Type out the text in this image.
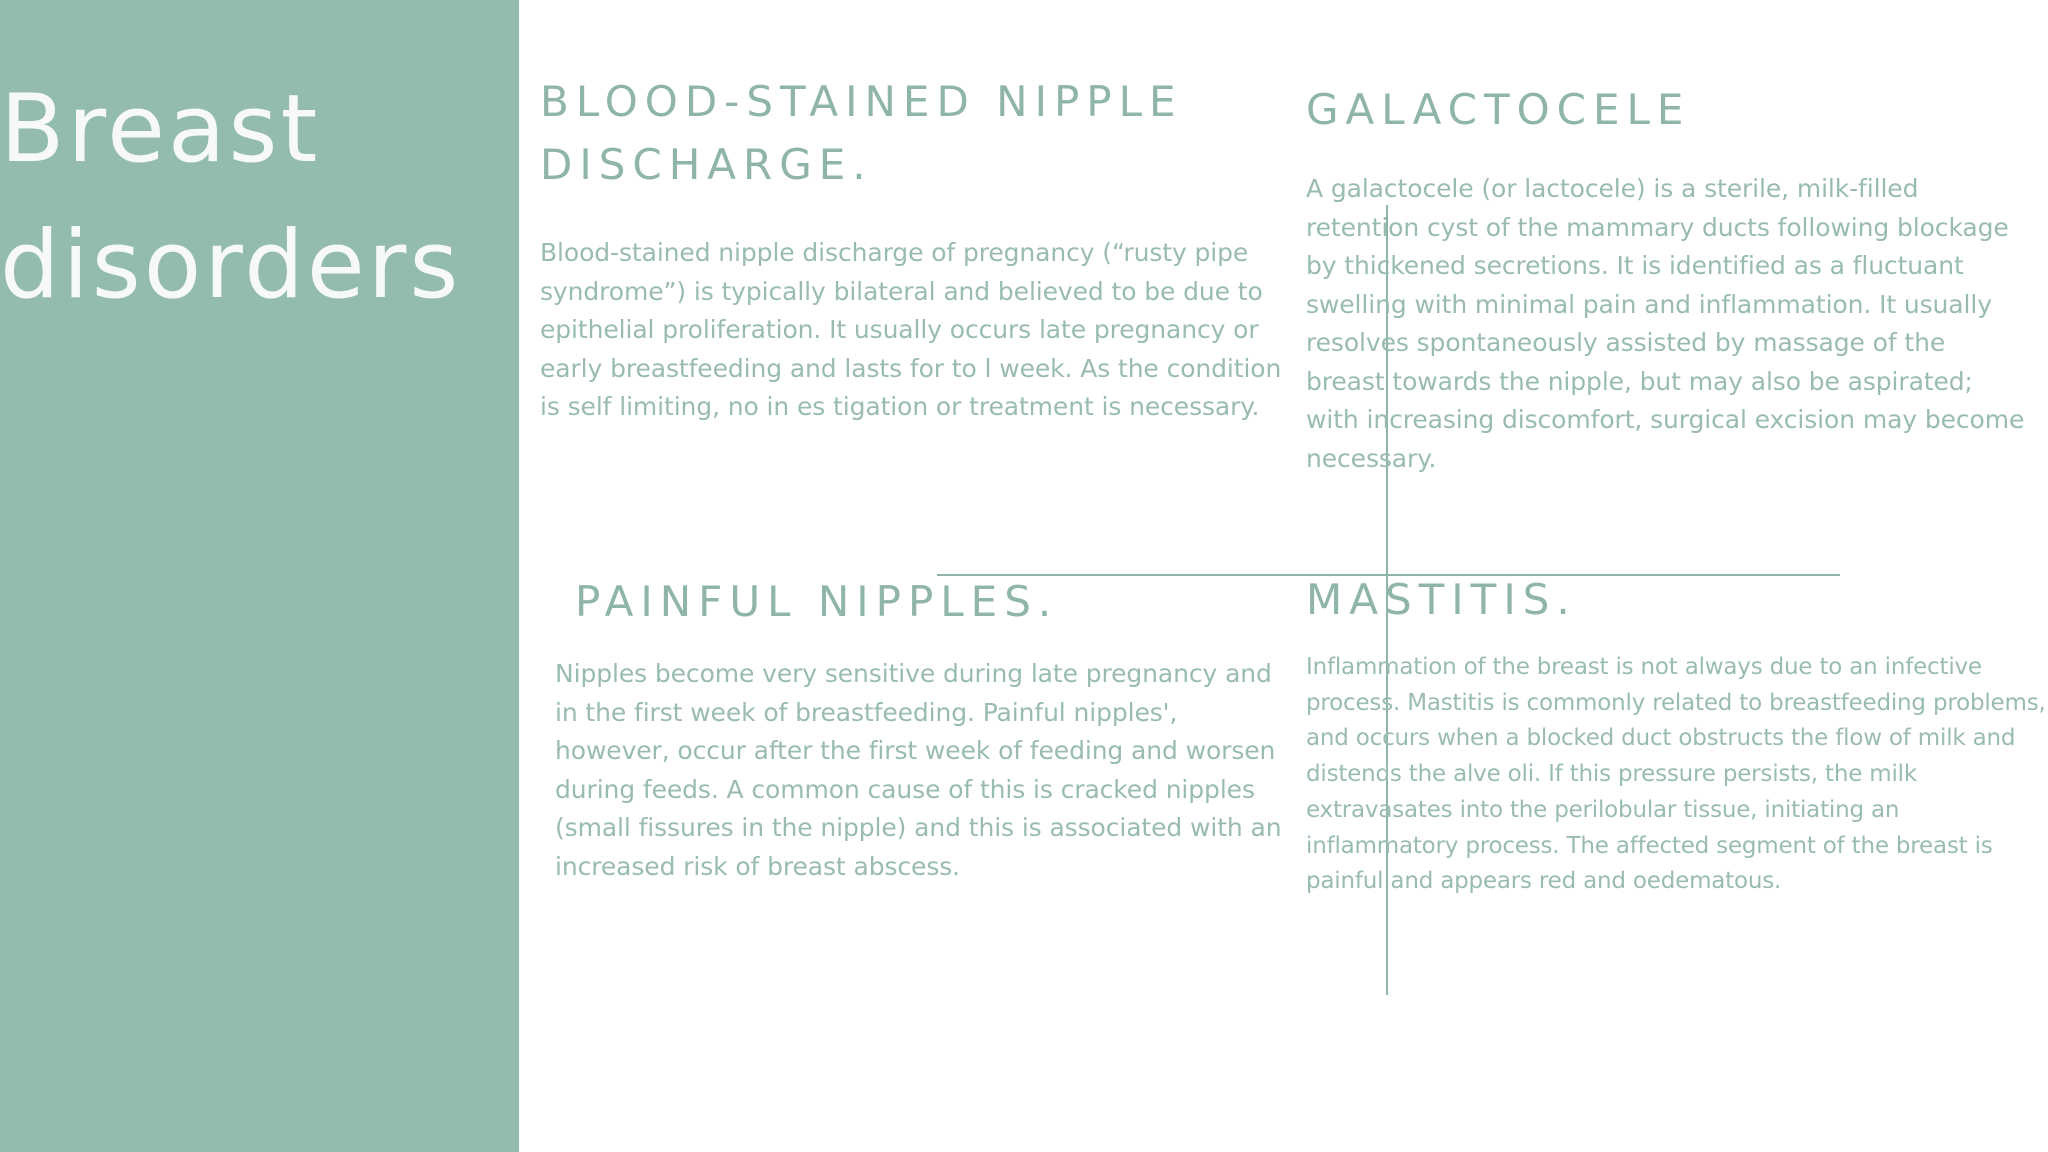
Breast
disorders
BLOOD-STAINED NIPPLE
DISCHARGE.

Blood-stained nipple discharge of pregnancy (“rusty pipe syndrome”) is typically bilateral and believed to be due to epithelial proliferation. It usually occurs late pregnancy or early breastfeeding and lasts for to l week. As the condition is self limiting, no in es tigation or treatment is necessary.

GALACTOCELE

A galactocele (or lactocele) is a sterile, milk-filled retention cyst of the mammary ducts following blockage by thickened secretions. It is identified as a fluctuant swelling with minimal pain and inflammation. It usually resolves spontaneously assisted by massage of the breast towards the nipple, but may also be aspirated; with increasing discomfort, surgical excision may become necessary.

PAINFUL NIPPLES.

Nipples become very sensitive during late pregnancy and in the first week of breastfeeding. Painful nipples', however, occur after the first week of feeding and worsen during feeds. A common cause of this is cracked nipples (small fissures in the nipple) and this is associated with an increased risk of breast abscess.

MASTITIS.

Inflammation of the breast is not always due to an infective process. Mastitis is commonly related to breastfeeding problems, and occurs when a blocked duct obstructs the flow of milk and distends the alve oli. If this pressure persists, the milk extravasates into the perilobular tissue, initiating an inflammatory process. The affected segment of the breast is painful and appears red and oedematous.
